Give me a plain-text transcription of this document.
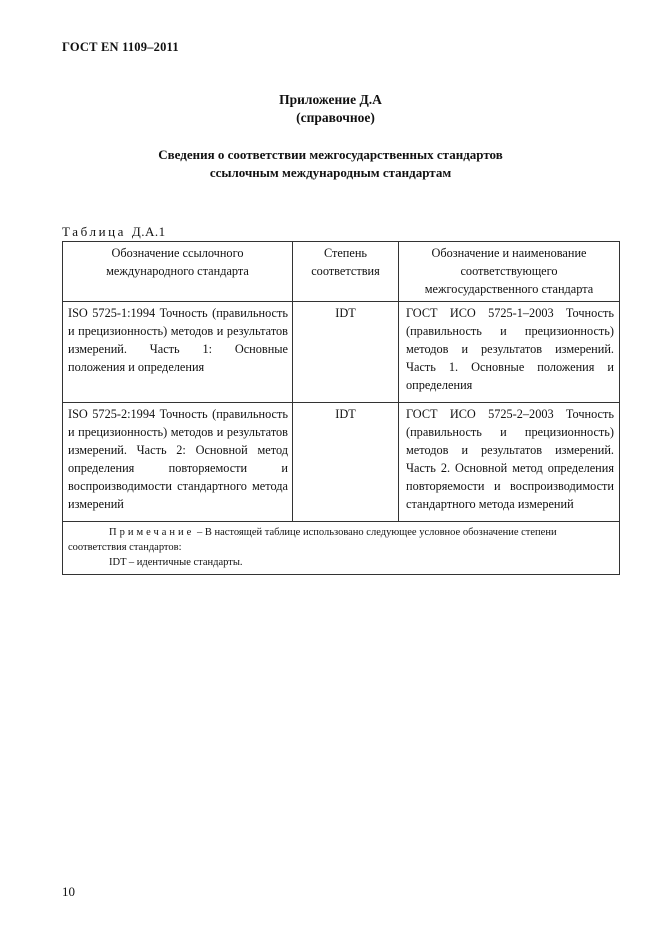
ГОСТ EN 1109–2011
Приложение Д.А
(справочное)
Сведения о соответствии межгосударственных стандартов
ссылочным международным стандартам
Таблица Д.А.1
Обозначение ссылочного международного стандарта	Степень соответствия	Обозначение и наименование соответствующего межгосударственного стандарта
ISO 5725-1:1994 Точность (правильность и прецизионность) методов и результатов измерений. Часть 1: Основные положения и определения	IDT	ГОСТ ИСО 5725-1–2003 Точность (правильность и прецизионность) методов и результатов измерений. Часть 1. Основные положения и определения
ISO 5725-2:1994 Точность (правильность и прецизионность) методов и результатов измерений. Часть 2: Основной метод определения повторяемости и воспроизводимости стандартного метода измерений	IDT	ГОСТ ИСО 5725-2–2003 Точность (правильность и прецизионность) методов и результатов измерений. Часть 2. Основной метод определения повторяемости и воспроизводимости стандартного метода измерений

Примечание – В настоящей таблице использовано следующее условное обозначение степени соответствия стандартов:

IDT – идентичные стандарты.		

10
